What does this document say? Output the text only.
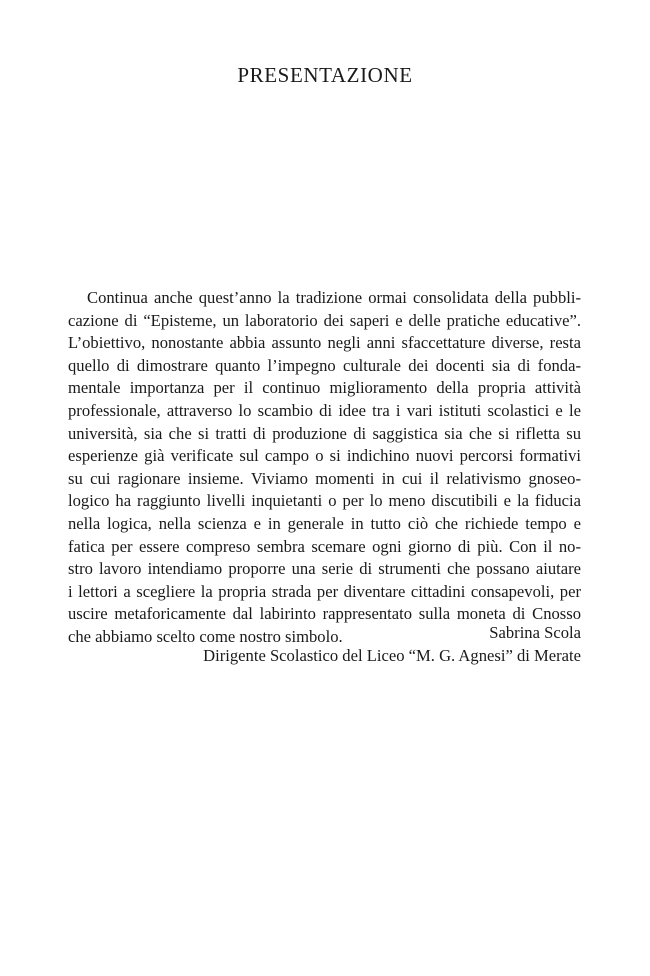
PRESENTAZIONE
Continua anche quest’anno la tradizione ormai consolidata della pubbli-
cazione di “Episteme, un laboratorio dei saperi e delle pratiche educative”.
L’obiettivo, nonostante abbia assunto negli anni sfaccettature diverse, resta
quello di dimostrare quanto l’impegno culturale dei docenti sia di fonda-
mentale importanza per il continuo miglioramento della propria attività
professionale, attraverso lo scambio di idee tra i vari istituti scolastici e le
università, sia che si tratti di produzione di saggistica sia che si rifletta su
esperienze già verificate sul campo o si indichino nuovi percorsi formativi
su cui ragionare insieme. Viviamo momenti in cui il relativismo gnoseo-
logico ha raggiunto livelli inquietanti o per lo meno discutibili e la fiducia
nella logica, nella scienza e in generale in tutto ciò che richiede tempo e
fatica per essere compreso sembra scemare ogni giorno di più. Con il no-
stro lavoro intendiamo proporre una serie di strumenti che possano aiutare
i lettori a scegliere la propria strada per diventare cittadini consapevoli, per
uscire metaforicamente dal labirinto rappresentato sulla moneta di Cnosso
che abbiamo scelto come nostro simbolo.	Sabrina Scola
Dirigente Scolastico del Liceo “M. G. Agnesi” di Merate
